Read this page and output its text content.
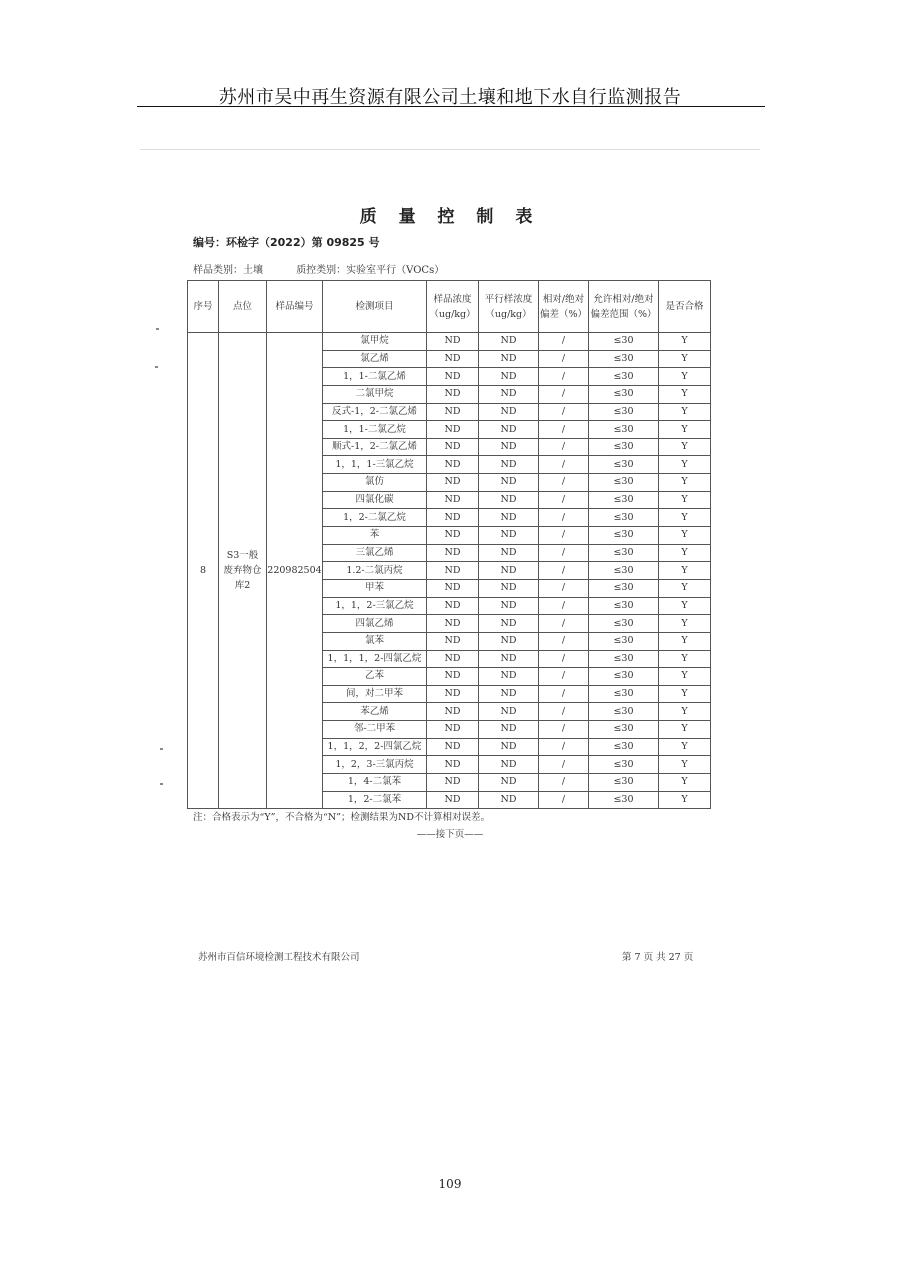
苏州市吴中再生资源有限公司土壤和地下水自行监测报告
质 量 控 制 表
编号：环检字（2022）第 09825 号
样品类别：土壤	质控类别：实验室平行（VOCs）
序号	点位	样品编号	检测项目	样品浓度（ug/kg）	平行样浓度（ug/kg）	相对/绝对偏差（%）	允许相对/绝对偏差范围（%）	是否合格
8	S3一般废弃物仓库2	220982504	氯甲烷	ND	ND	/	≤30	Y
			氯乙烯	ND	ND	/	≤30	Y
			1，1-二氯乙烯	ND	ND	/	≤30	Y
			二氯甲烷	ND	ND	/	≤30	Y
			反式-1，2-二氯乙烯	ND	ND	/	≤30	Y
			1，1-二氯乙烷	ND	ND	/	≤30	Y
			顺式-1，2-二氯乙烯	ND	ND	/	≤30	Y
			1，1，1-三氯乙烷	ND	ND	/	≤30	Y
			氯仿	ND	ND	/	≤30	Y
			四氯化碳	ND	ND	/	≤30	Y
			1，2-二氯乙烷	ND	ND	/	≤30	Y
			苯	ND	ND	/	≤30	Y
			三氯乙烯	ND	ND	/	≤30	Y
			1.2-二氯丙烷	ND	ND	/	≤30	Y
			甲苯	ND	ND	/	≤30	Y
			1，1，2-三氯乙烷	ND	ND	/	≤30	Y
			四氯乙烯	ND	ND	/	≤30	Y
			氯苯	ND	ND	/	≤30	Y
			1，1，1，2-四氯乙烷	ND	ND	/	≤30	Y
			乙苯	ND	ND	/	≤30	Y
			间，对二甲苯	ND	ND	/	≤30	Y
			苯乙烯	ND	ND	/	≤30	Y
			邻-二甲苯	ND	ND	/	≤30	Y
			1，1，2，2-四氯乙烷	ND	ND	/	≤30	Y
			1，2，3-三氯丙烷	ND	ND	/	≤30	Y
			1，4-二氯苯	ND	ND	/	≤30	Y
			1，2-二氯苯	ND	ND	/	≤30	Y
注：合格表示为“Y”，不合格为“N”；检测结果为ND不计算相对误差。
——接下页——
苏州市百信环境检测工程技术有限公司	第 7 页 共 27 页
109
